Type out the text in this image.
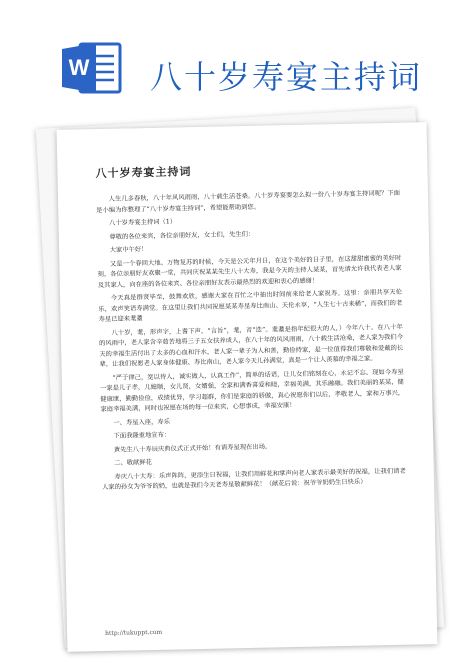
W 八十岁寿宴主持词
八十岁寿宴主持词

人生几多春秋，八十年风风雨雨，八十载生活苍桑。八十岁寿宴要怎么拟一份八十岁寿宴主持词呢？下面是小编为你整理了“八十岁寿宴主持词”，希望能帮助到您。

八十岁寿宴主持词（1）

尊敬的各位来宾，各位亲朋好友，女士们，先生们：

大家中午好！

又是一个春回大地、万物复苏的时候，今天是公元年月日，在这个美好的日子里，在这甜甜蜜蜜的美好时刻，各位亲朋好友欢聚一堂，共同庆祝某某先生八十大寿，我是今天的主持人某某，首先请允许我代表老人家及其家人，向在座的各位来宾、各位亲朋好友表示最热烈的欢迎和衷心的感谢！

今天真是群贤毕至，鼓舞欢欣，感谢大家在百忙之中抽出时间前来给老人家祝寿。这里：亲朋共享天伦乐，欢声笑语寿满堂。在这里让我们共同祝愿某某寿星寿比南山、天伦永享，“人生七十古来稀”，而我们的老寿星已迎来耄耋

八十岁，耄，形声字，上耆下声，“言旨”，耄，音“迭”。耄耋是指年纪很大的人，）今年八十。在八十年的风雨中，老人家含辛茹苦地将三子五女扶养成人，在八十年的风风雨雨，八十载生活沧桑，老人家为我们今天的幸福生活付出了太多的心血和汗水，老人家一辈子为人和善，勤俭持家，是一位值得我们尊敬和爱戴的长辈，让我们祝愿老人家身体健康、寿比南山，老人家今天儿孙满堂，真是一个让人羡慕的幸福之家。

“严于律己，宽以待人，诚实做人，认真工作”，简单的话语，让儿女们铭刻在心，永记不忘。现如今寿星一家是儿子孝，儿媳顺，女儿贤，女婿强，全家和满香喜爱和睦，幸福美满，其乐融融。我们美丽的某某，健健康康，勤勤俭俭，成绩优异，学习超群，你们是家庭的骄傲，真心祝愿你们以后，孝敬老人，家和万事兴，家庭幸福美满，同时也祝愿在场的每一位来宾，心想事成，幸福安康！

一、寿星入座，寿乐

下面我隆重地宣布：

黄先生八十寿辰庆典仪式正式开始！有请寿星现在出场。

二、敬献鲜花

寿庆八十大寿：乐声阵阵，更添生日祝福，让我们用鲜花和掌声向老人家表示最美好的祝福，让我们请老人家的孙女为爷爷的奶，也就是我们今天老寿星敬献鲜花！（献花后说：祝爷爷奶奶生日快乐）

http://tukuppt.com
